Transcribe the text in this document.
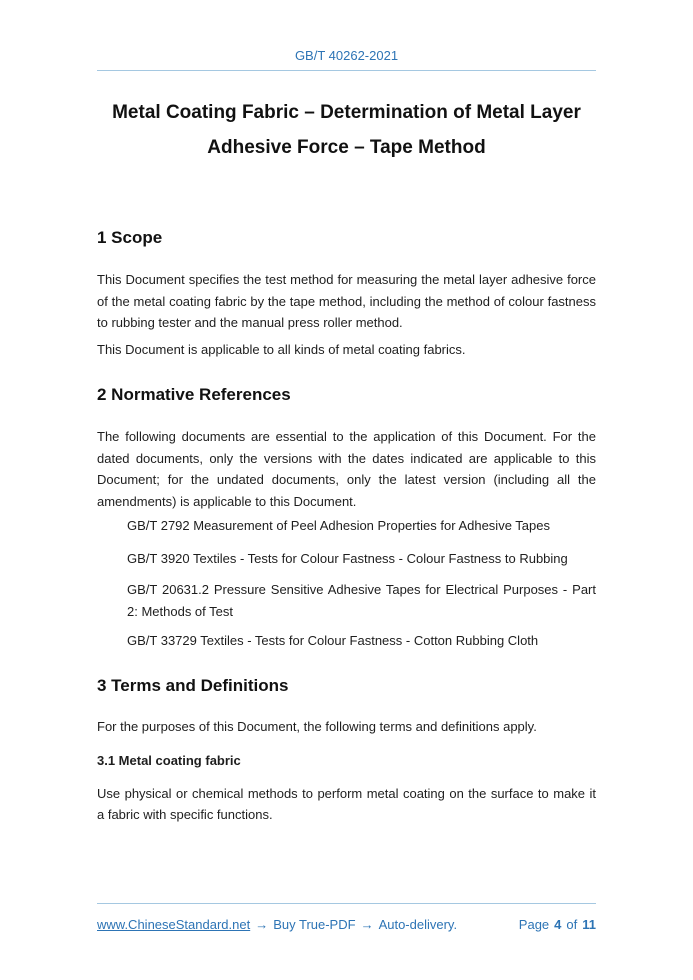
GB/T 40262-2021
Metal Coating Fabric – Determination of Metal Layer
Adhesive Force – Tape Method
1 Scope
This Document specifies the test method for measuring the metal layer adhesive force
of the metal coating fabric by the tape method, including the method of colour fastness
to rubbing tester and the manual press roller method.
This Document is applicable to all kinds of metal coating fabrics.
2 Normative References
The following documents are essential to the application of this Document. For the
dated documents, only the versions with the dates indicated are applicable to this
Document; for the undated documents, only the latest version (including all the
amendments) is applicable to this Document.
GB/T 2792 Measurement of Peel Adhesion Properties for Adhesive Tapes
GB/T 3920 Textiles - Tests for Colour Fastness - Colour Fastness to Rubbing
GB/T 20631.2 Pressure Sensitive Adhesive Tapes for Electrical Purposes - Part
2: Methods of Test
GB/T 33729 Textiles - Tests for Colour Fastness - Cotton Rubbing Cloth
3 Terms and Definitions
For the purposes of this Document, the following terms and definitions apply.
3.1 Metal coating fabric
Use physical or chemical methods to perform metal coating on the surface to make it
a fabric with specific functions.
www.ChineseStandard.net → Buy True-PDF → Auto-delivery.	Page 4 of 11
